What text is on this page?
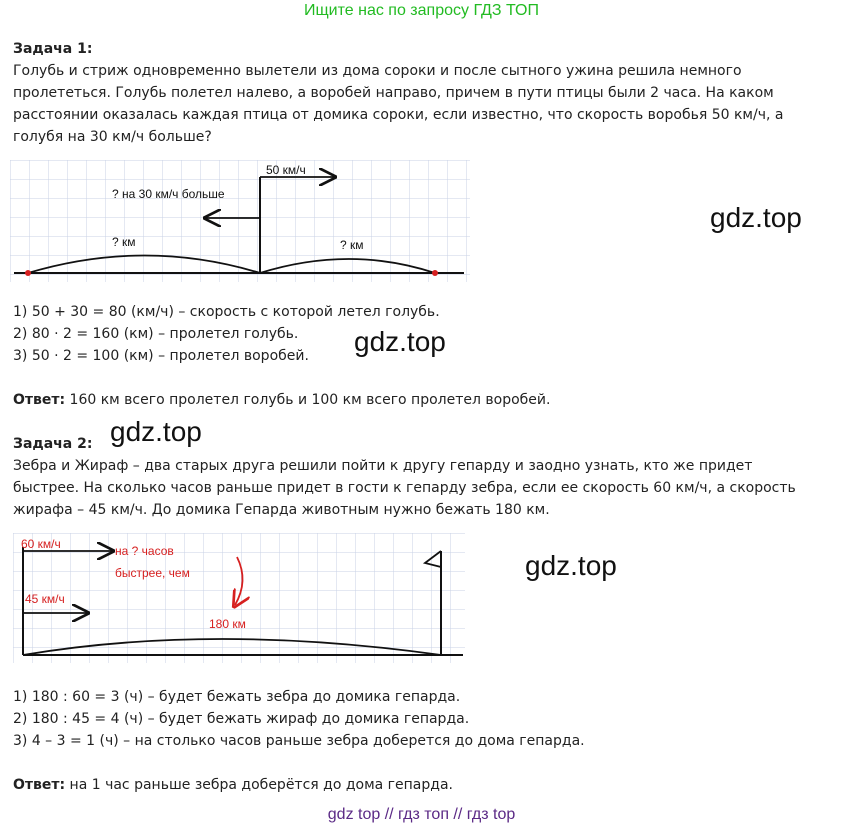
Ищите нас по запросу ГДЗ ТОП
Задача 1:
Голубь и стриж одновременно вылетели из дома сороки и после сытного ужина решила немного пролететься. Голубь полетел налево, а воробей направо, причем в пути птицы были 2 часа. На каком расстоянии оказалась каждая птица от домика сороки, если известно, что скорость воробья 50 км/ч, а голубя на 30 км/ч больше?
50 км/ч
? на 30 км/ч больше
? км	? км
1) 50 + 30 = 80 (км/ч) – скорость с которой летел голубь.
2) 80 · 2 = 160 (км) – пролетел голубь.
3) 50 · 2 = 100 (км) – пролетел воробей.
Ответ: 160 км всего пролетел голубь и 100 км всего пролетел воробей.
Задача 2:
Зебра и Жираф – два старых друга решили пойти к другу гепарду и заодно узнать, кто же придет быстрее. На сколько часов раньше придет в гости к гепарду зебра, если ее скорость 60 км/ч, а скорость жирафа – 45 км/ч. До домика Гепарда животным нужно бежать 180 км.
60 км/ч
45 км/ч
на ? часов
быстрее, чем
180 км
1) 180 : 60 = 3 (ч) – будет бежать зебра до домика гепарда.
2) 180 : 45 = 4 (ч) – будет бежать жираф до домика гепарда.
3) 4 – 3 = 1 (ч) – на столько часов раньше зебра доберется до дома гепарда.
Ответ: на 1 час раньше зебра доберётся до дома гепарда.
gdz.top
gdz.top
gdz.top
gdz.top
gdz top // гдз топ // гдз top
